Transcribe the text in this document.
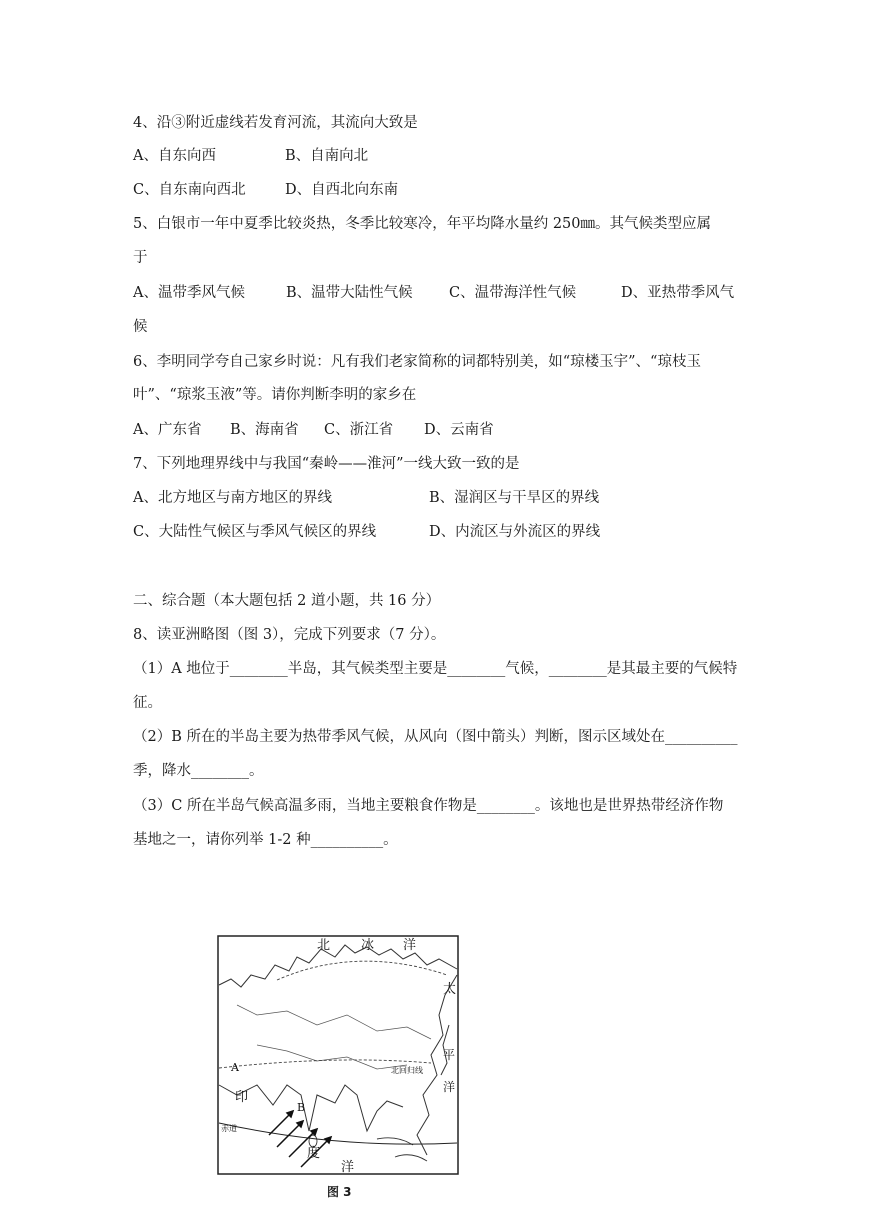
4、沿③附近虚线若发育河流，其流向大致是
A、自东向西	B、自南向北
C、自东南向西北	D、自西北向东南
5、白银市一年中夏季比较炎热，冬季比较寒冷，年平均降水量约 250㎜。其气候类型应属
于
A、温带季风气候	B、温带大陆性气候	C、温带海洋性气候	D、亚热带季风气
候
6、李明同学夸自己家乡时说：凡有我们老家简称的词都特别美，如“琼楼玉宇”、“琼枝玉
叶”、“琼浆玉液”等。请你判断李明的家乡在
A、广东省 B、海南省 C、浙江省 D、云南省
7、下列地理界线中与我国“秦岭——淮河”一线大致一致的是
A、北方地区与南方地区的界线	B、湿润区与干旱区的界线
C、大陆性气候区与季风气候区的界线	D、内流区与外流区的界线
二、综合题（本大题包括 2 道小题，共 16 分）
8、读亚洲略图（图 3），完成下列要求（7 分）。
（1）A 地位于________半岛，其气候类型主要是________气候，________是其最主要的气候特
征。
（2）B 所在的半岛主要为热带季风气候，从风向（图中箭头）判断，图示区域处在__________
季，降水________。
（3）C 所在半岛气候高温多雨，当地主要粮食作物是________。该地也是世界热带经济作物
基地之一，请你列举 1-2 种__________。
北 冰 洋
太
平
洋
A
B
印
度
洋
赤道
北回归线
图 3
